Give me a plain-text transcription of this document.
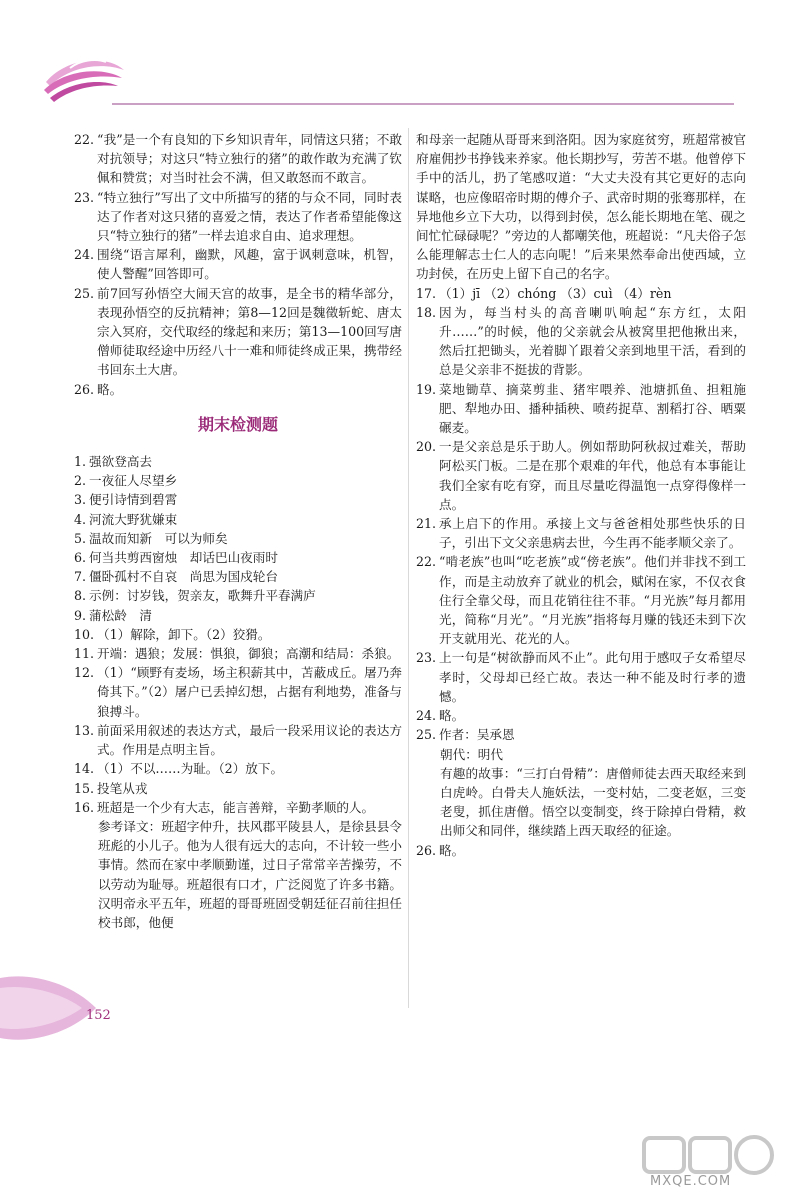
22. “我”是一个有良知的下乡知识青年，同情这只猪；不敢对抗领导；对这只“特立独行的猪”的敢作敢为充满了钦佩和赞赏；对当时社会不满，但又敢怒而不敢言。
23. “特立独行”写出了文中所描写的猪的与众不同，同时表达了作者对这只猪的喜爱之情，表达了作者希望能像这只“特立独行的猪”一样去追求自由、追求理想。
24. 围绕“语言犀利，幽默，风趣，富于讽刺意味，机智，使人警醒”回答即可。
25. 前7回写孙悟空大闹天宫的故事，是全书的精华部分，表现孙悟空的反抗精神；第8—12回是魏徵斩蛇、唐太宗入冥府，交代取经的缘起和来历；第13—100回写唐僧师徒取经途中历经八十一难和师徒终成正果，携带经书回东土大唐。
26. 略。
期末检测题
1. 强欲登高去
2. 一夜征人尽望乡
3. 便引诗情到碧霄
4. 河流大野犹嫌束
5. 温故而知新　可以为师矣
6. 何当共剪西窗烛　却话巴山夜雨时
7. 僵卧孤村不自哀　尚思为国戍轮台
8. 示例：讨岁钱，贺亲友，歌舞升平春满庐
9. 蒲松龄　清
10. （1）解除，卸下。（2）狡猾。
11. 开端：遇狼；发展：惧狼，御狼；高潮和结局：杀狼。
12. （1）“顾野有麦场，场主积薪其中，苫蔽成丘。屠乃奔倚其下。”（2）屠户已丢掉幻想，占据有利地势，准备与狼搏斗。
13. 前面采用叙述的表达方式，最后一段采用议论的表达方式。作用是点明主旨。
14. （1）不以……为耻。（2）放下。
15. 投笔从戎
16. 班超是一个少有大志，能言善辩，辛勤孝顺的人。

参考译文：班超字仲升，扶风郡平陵县人，是徐县县令班彪的小儿子。他为人很有远大的志向，不计较一些小事情。然而在家中孝顺勤谨，过日子常常辛苦操劳，不以劳动为耻辱。班超很有口才，广泛阅览了许多书籍。汉明帝永平五年，班超的哥哥班固受朝廷征召前往担任校书郎，他便

和母亲一起随从哥哥来到洛阳。因为家庭贫穷，班超常被官府雇佣抄书挣钱来养家。他长期抄写，劳苦不堪。他曾停下手中的活儿，扔了笔感叹道：“大丈夫没有其它更好的志向谋略，也应像昭帝时期的傅介子、武帝时期的张骞那样，在异地他乡立下大功，以得到封侯，怎么能长期地在笔、砚之间忙忙碌碌呢？”旁边的人都嘲笑他，班超说：“凡夫俗子怎么能理解志士仁人的志向呢！”后来果然奉命出使西域，立功封侯，在历史上留下自己的名字。

17. （1）jī （2）chóng （3）cuì （4）rèn
18. 因为，每当村头的高音喇叭响起“东方红，太阳升……”的时候，他的父亲就会从被窝里把他揪出来，然后扛把锄头，光着脚丫跟着父亲到地里干活，看到的总是父亲非不挺拔的背影。
19. 菜地锄草、摘菜剪韭、猪牢喂养、池塘抓鱼、担粗施肥、犁地办田、播种插秧、喷药捉草、割稻打谷、晒粟碾麦。
20. 一是父亲总是乐于助人。例如帮助阿秋叔过难关，帮助阿松买门板。二是在那个艰难的年代，他总有本事能让我们全家有吃有穿，而且尽量吃得温饱一点穿得像样一点。
21. 承上启下的作用。承接上文与爸爸相处那些快乐的日子，引出下文父亲患病去世，今生再不能孝顺父亲了。
22. “啃老族”也叫“吃老族”或“傍老族”。他们并非找不到工作，而是主动放弃了就业的机会，赋闲在家，不仅衣食住行全靠父母，而且花销往往不菲。“月光族”每月都用光，简称“月光”。“月光族”指将每月赚的钱还未到下次开支就用光、花光的人。
23. 上一句是“树欲静而风不止”。此句用于感叹子女希望尽孝时，父母却已经亡故。表达一种不能及时行孝的遗憾。
24. 略。
25. 作者：吴承恩

朝代：明代

有趣的故事：“三打白骨精”：唐僧师徒去西天取经来到白虎岭。白骨夫人施妖法，一变村姑，二变老妪，三变老叟，抓住唐僧。悟空以变制变，终于除掉白骨精，救出师父和同伴，继续踏上西天取经的征途。

26. 略。
152
MXQE.COM
